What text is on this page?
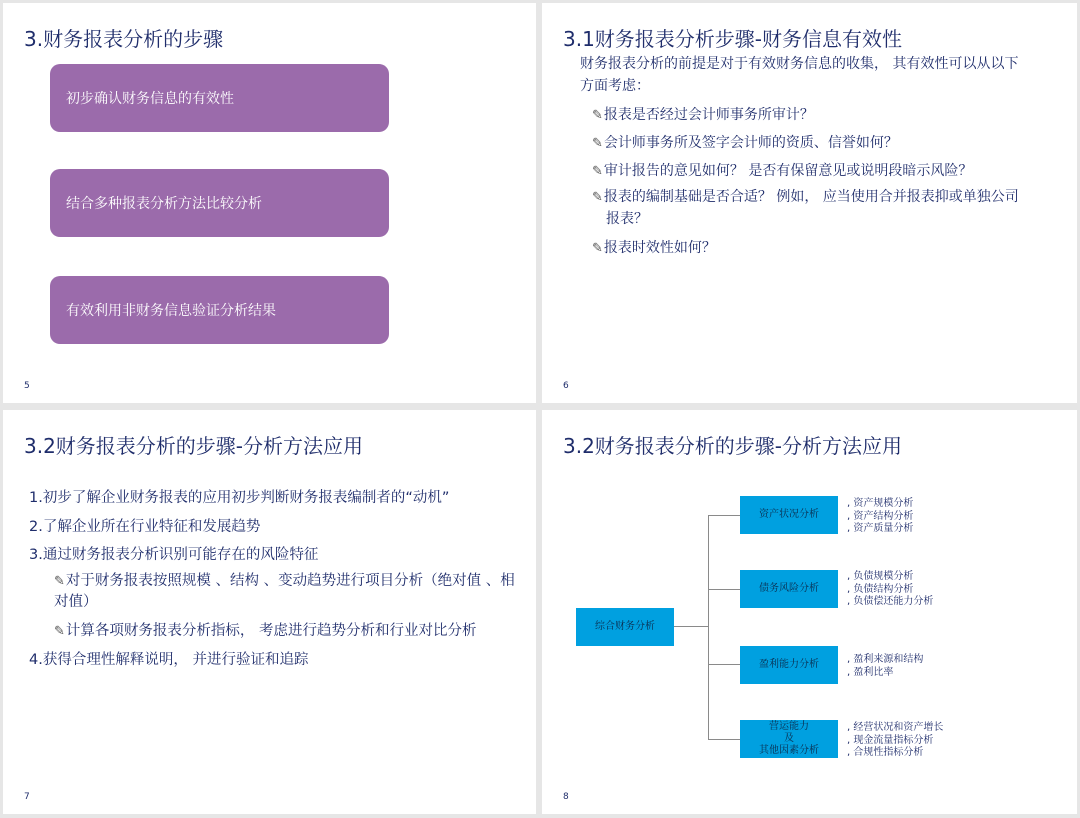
3.财务报表分析的步骤
初步确认财务信息的有效性
结合多种报表分析方法比较分析
有效利用非财务信息验证分析结果
5
3.1财务报表分析步骤-财务信息有效性
财务报表分析的前提是对于有效财务信息的收集， 其有效性可以从以下
方面考虑：
✎报表是否经过会计师事务所审计？
✎会计师事务所及签字会计师的资质、信誉如何？
✎审计报告的意见如何？ 是否有保留意见或说明段暗示风险？
✎报表的编制基础是否合适？ 例如， 应当使用合并报表抑或单独公司
报表？
✎报表时效性如何？
6
3.2财务报表分析的步骤-分析方法应用
1.初步了解企业财务报表的应用初步判断财务报表编制者的“动机”
2.了解企业所在行业特征和发展趋势
3.通过财务报表分析识别可能存在的风险特征
✎对于财务报表按照规模 、结构 、变动趋势进行项目分析（绝对值 、相
对值）
✎计算各项财务报表分析指标， 考虑进行趋势分析和行业对比分析
4.获得合理性解释说明， 并进行验证和追踪
7
3.2财务报表分析的步骤-分析方法应用
综合财务分析
资产状况分析
债务风险分析
盈利能力分析
营运能力
及
其他因素分析
, 资产规模分析
, 资产结构分析
, 资产质量分析
, 负债规模分析
, 负债结构分析
, 负债偿还能力分析
, 盈利来源和结构
, 盈利比率
, 经营状况和资产增长
, 现金流量指标分析
, 合规性指标分析
8
